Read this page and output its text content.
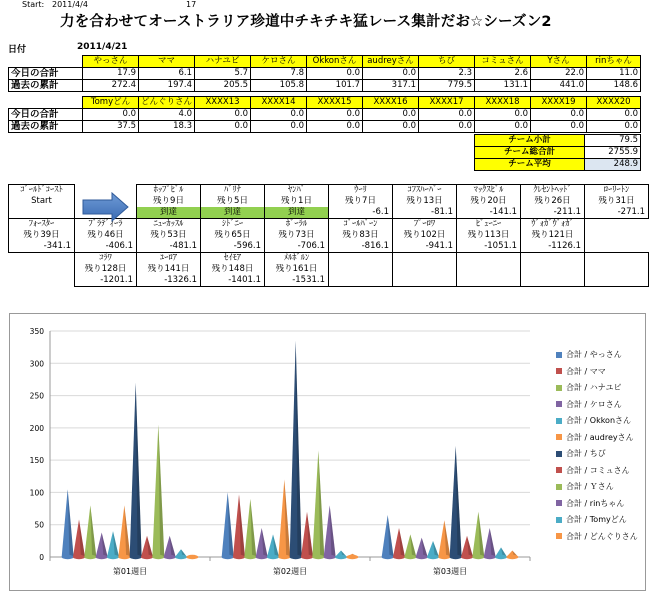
Start: 2011/4/4	17
力を合わせてオーストラリア珍道中チキチキ猛レース集計だお☆シーズン2
日付	2011/4/21
	やっさん	ママ	ハナユビ	ケロさん	Okkonさん	audreyさん	ちび	コミュさん	Yさん	rinちゃん
今日の合計	17.9	6.1	5.7	7.8	0.0	0.0	2.3	2.6	22.0	11.0
過去の累計	272.4	197.4	205.5	105.8	101.7	317.1	779.5	131.1	441.0	148.6
	Tomyどん	どんぐりさん	XXXX13	XXXX14	XXXX15	XXXX16	XXXX17	XXXX18	XXXX19	XXXX20
今日の合計	0.0	4.0	0.0	0.0	0.0	0.0	0.0	0.0	0.0	0.0
過去の累計	37.5	18.3	0.0	0.0	0.0	0.0	0.0	0.0	0.0	0.0
チーム小計	79.5
チーム総合計	2755.9
チーム平均	248.9
ｺﾞｰﾙﾄﾞｺｰｽﾄ
Start		ﾎｯﾌﾟﾋﾞﾙ	ﾊﾞﾘﾅ	ﾔﾝﾊﾞ	ｳｰﾘ	ｺﾌｽﾊｰﾊﾞｰ	ﾏｯｸｽﾋﾞﾙ	ｸﾚｾﾝﾄﾍｯﾄﾞ	ﾛｰﾘｰﾄﾝ
		残り9日	残り5日	残り1日	残り7日	残り13日	残り20日	残り26日	残り31日
		到達	到達	到達	-6.1	-81.1	-141.1	-211.1	-271.1
ﾌｫｰｽﾀｰ	ﾌﾞﾗﾃﾞｨｰﾗ	ﾆｭｰｶｯｽﾙ	ｼﾄﾞﾆｰ	ﾎﾞｰﾗﾙ	ｺﾞｰﾙﾊﾞｰﾝ	ﾌﾟｰﾛﾜ	ﾋﾞｭｰﾆｰ	ｳﾞｫｶﾞｳﾞｫｶﾞ	
残り39日	残り46日	残り53日	残り65日	残り73日	残り83日	残り102日	残り113日	残り121日	
-341.1	-406.1	-481.1	-596.1	-706.1	-816.1	-941.1	-1051.1	-1126.1	
	ｺﾗﾜ	ﾕｰﾛｱ	ｾｲﾓｱ	ﾒﾙﾎﾞﾙﾝ					
	残り128日	残り141日	残り148日	残り161日					
	-1201.1	-1326.1	-1401.1	-1531.1					
0
50
100
150
200
250
300
350
第01週目	第02週目	第03週目
合計 / やっさん
合計 / ママ
合計 / ハナユビ
合計 / ケロさん
合計 / Okkonさん
合計 / audreyさん
合計 / ちび
合計 / コミュさん
合計 / Ｙさん
合計 / rinちゃん
合計 / Tomyどん
合計 / どんぐりさん
